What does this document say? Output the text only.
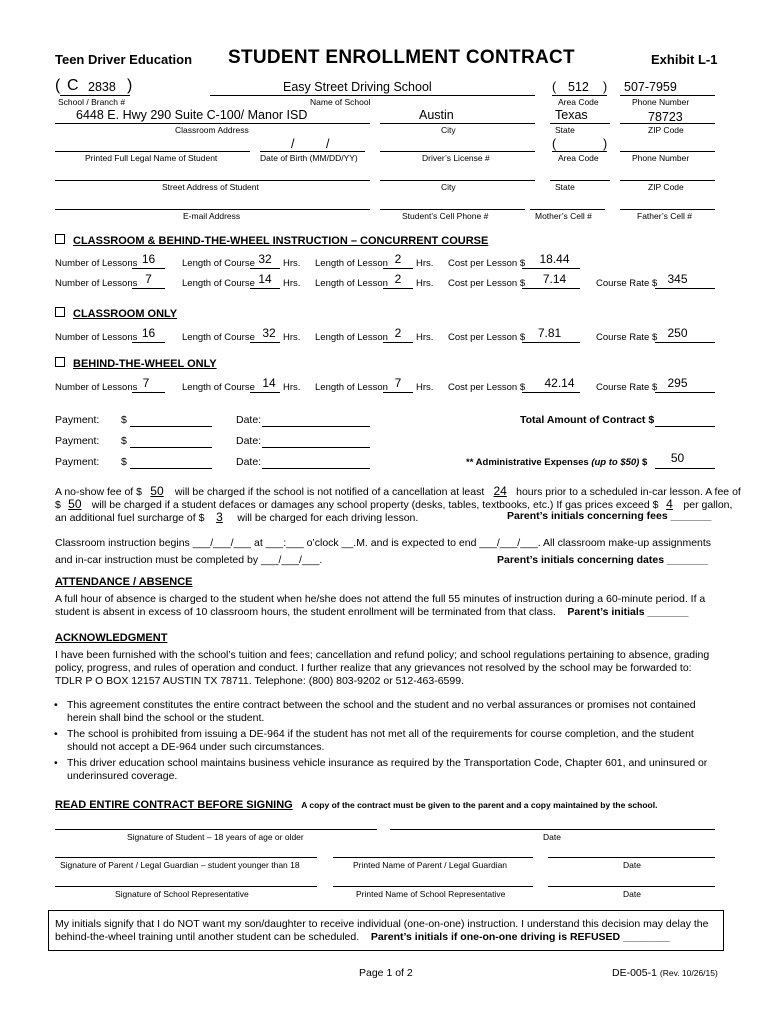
Teen Driver Education STUDENT ENROLLMENT CONTRACT	Exhibit L-1
( C 2838 )
School / Branch #
Easy Street Driving School
Name of School
( 512 )
Area Code
507-7959
Phone Number
6448 E. Hwy 290 Suite C-100/ Manor ISD
Classroom Address
Austin
City
Texas
State
78723
ZIP Code
Printed Full Legal Name of Student
/	/
Date of Birth (MM/DD/YY)	Driver’s License #
(	)
Area Code	Phone Number
Street Address of Student	City	State	ZIP Code
E-mail Address	Student’s Cell Phone #	Mother’s Cell #	Father’s Cell #
CLASSROOM & BEHIND-THE-WHEEL INSTRUCTION – CONCURRENT COURSE
Number of Lessons 16	Length of Course 32	Hrs. Length of Lesson 2	Hrs. Cost per Lesson $	18.44
Number of Lessons 7	Length of Course 14	Hrs. Length of Lesson 2	Hrs. Cost per Lesson $	7.14	Course Rate $ 345
CLASSROOM ONLY
Number of Lessons 16	Length of Course 32 Hrs. Length of Lesson 2	Hrs. Cost per Lesson $	7.81	Course Rate $ 250
BEHIND-THE-WHEEL ONLY
Number of Lessons 7	Length of Course 14 Hrs. Length of Lesson 7	Hrs. Cost per Lesson $	42.14	Course Rate $ 295
Payment: $	Date:	Total Amount of Contract $
Payment: $	Date:
Payment: $	Date:	** Administrative Expenses (up to $50) $	50
A no-show fee of $ 50 will be charged if the school is not notified of a cancellation at least 24 hours prior to a scheduled in-car lesson. A fee of
$ 50 will be charged if a student defaces or damages any school property (desks, tables, textbooks, etc.) If gas prices exceed $ 4 per gallon,
an additional fuel surcharge of $ 3 will be charged for each driving lesson.	Parent’s initials concerning fees _______
Classroom instruction begins ___/___/___ at ___:___ o’clock __.M. and is expected to end ___/___/___. All classroom make-up assignments
and in-car instruction must be completed by ___/___/___.	Parent’s initials concerning dates _______
ATTENDANCE / ABSENCE

A full hour of absence is charged to the student when he/she does not attend the full 55 minutes of instruction during a 60-minute period. If a student is absent in excess of 10 classroom hours, the student enrollment will be terminated from that class. Parent’s initials _______

ACKNOWLEDGMENT

I have been furnished with the school’s tuition and fees; cancellation and refund policy; and school regulations pertaining to absence, grading policy, progress, and rules of operation and conduct. I further realize that any grievances not resolved by the school may be forwarded to: TDLR P O BOX 12157 AUSTIN TX 78711. Telephone: (800) 803-9202 or 512-463-6599.

• This agreement constitutes the entire contract between the school and the student and no verbal assurances or promises not contained herein shall bind the school or the student.
• The school is prohibited from issuing a DE-964 if the student has not met all of the requirements for course completion, and the student should not accept a DE-964 under such circumstances.
• This driver education school maintains business vehicle insurance as required by the Transportation Code, Chapter 601, and uninsured or underinsured coverage.
READ ENTIRE CONTRACT BEFORE SIGNING A copy of the contract must be given to the parent and a copy maintained by the school.
Signature of Student – 18 years of age or older	Date
Signature of Parent / Legal Guardian – student younger than 18	Printed Name of Parent / Legal Guardian	Date
Signature of School Representative	Printed Name of School Representative	Date

My initials signify that I do NOT want my son/daughter to receive individual (one-on-one) instruction. I understand this decision may delay the behind-the-wheel training until another student can be scheduled. Parent’s initials if one-on-one driving is REFUSED ________

Page 1 of 2	DE-005-1 (Rev. 10/26/15)
